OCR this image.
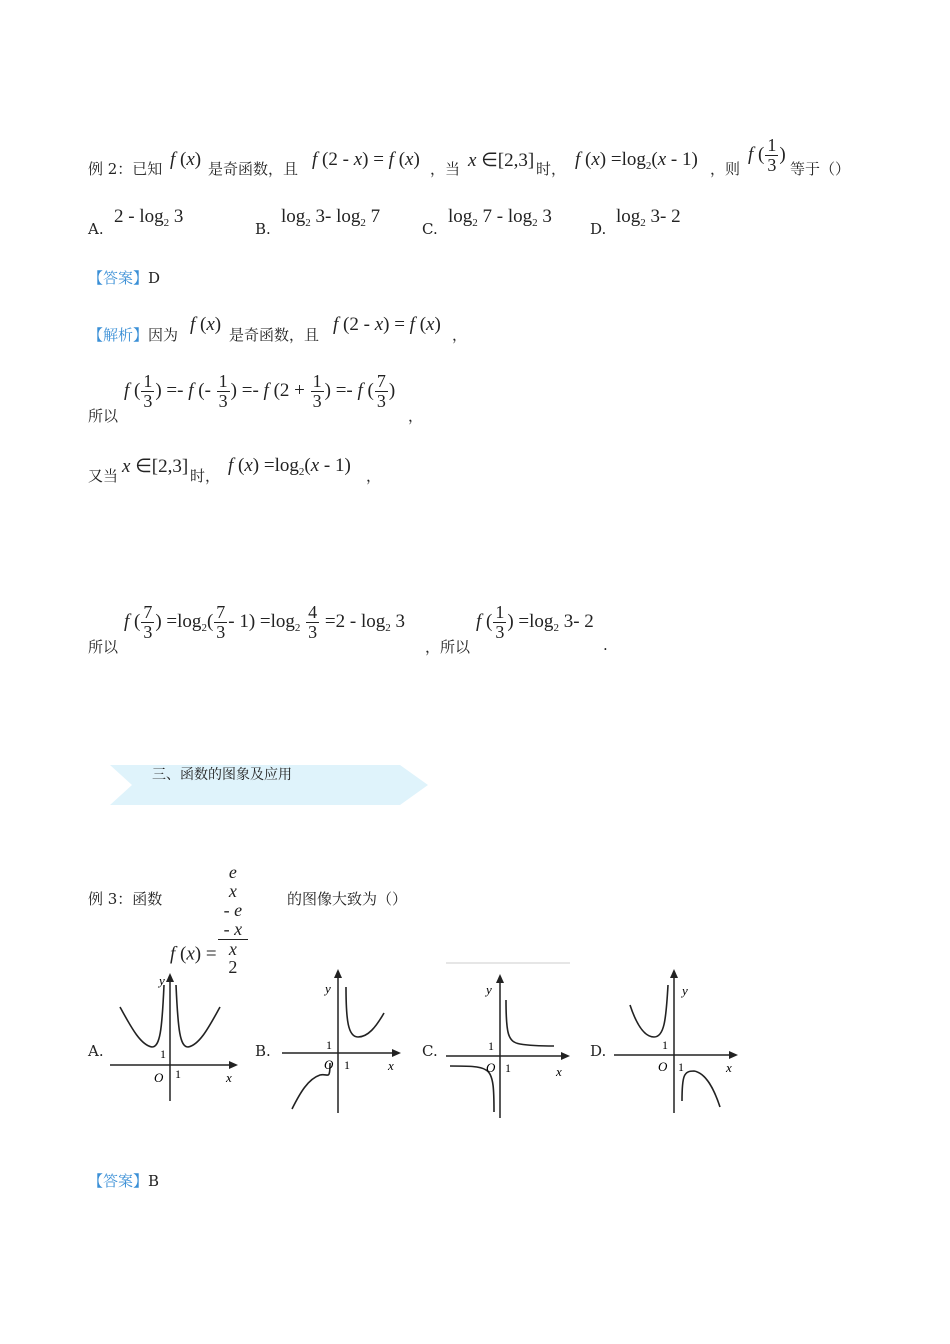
例 2：已知 f (x) 是奇函数，且 f (2 - x) = f (x) ，当 x ∈[2,3] 时， f $(x) =\log_2(x - 1)$ ，则
f ( $\frac{1}{3}$ )
等于（）
A.
$2 - \log_2 3$
B.
$\log_2 3-$ $\log_2 7$
C.
$\log_2 7 - \log_2 3$
D.
$\log_2 3-$ 2
【答案】D
【解析】因为 f (x) 是奇函数，且 f (2 - x) = f (x) ，
所以
f ( $\frac{1}{3}$ ) =- f (- $\frac{1}{3}$ ) =- f ($2 + \frac{1}{3}$ ) =- f ( $\frac{7}{3}$ )
，
又当 x ∈[2,3] 时， f $(x) =\log_2(x - 1)$ ，
所以
f ( $\frac{7}{3}$ ) $=\log_2( \frac{7}{3} - 1) =\log_2 \frac{4}{3} =2 - \log_2 3$
，所以
f ( $\frac{1}{3}$ ) $=\log_2$ 3- 2
.
三、函数的图象及应用
例 3：函数
f (x) = e
x
- e
- x
x
2	的图像大致为（）
A.	B.	C.	D.
y
x
O 1
1
y
x
O 1
1
y
x
O 1
1
y
x
O 1
1
【答案】B
